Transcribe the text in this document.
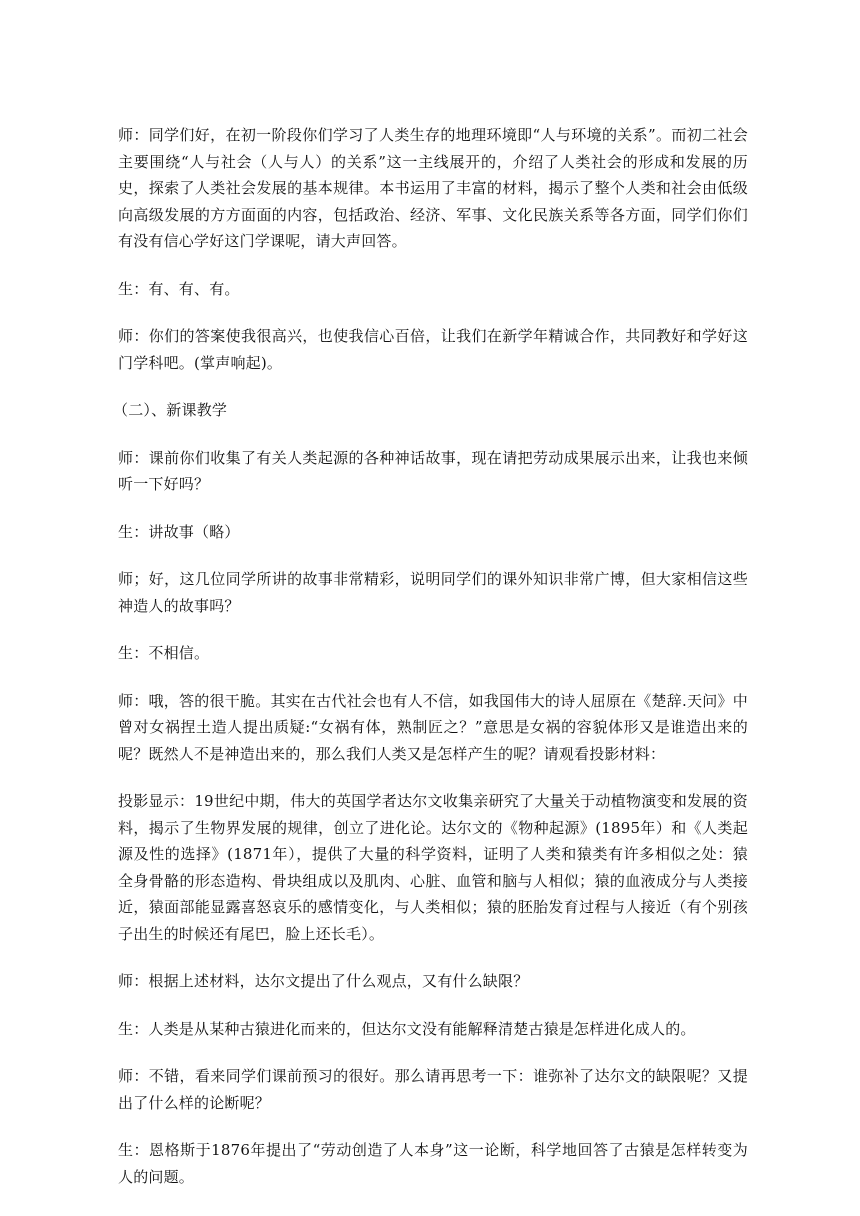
师：同学们好，在初一阶段你们学习了人类生存的地理环境即“人与环境的关系”。而初二社会主要围绕“人与社会（人与人）的关系”这一主线展开的，介绍了人类社会的形成和发展的历史，探索了人类社会发展的基本规律。本书运用了丰富的材料，揭示了整个人类和社会由低级向高级发展的方方面面的内容，包括政治、经济、军事、文化民族关系等各方面，同学们你们有没有信心学好这门学课呢，请大声回答。

生：有、有、有。

师：你们的答案使我很高兴，也使我信心百倍，让我们在新学年精诚合作，共同教好和学好这门学科吧。(掌声响起)。

（二）、新课教学

师：课前你们收集了有关人类起源的各种神话故事，现在请把劳动成果展示出来，让我也来倾听一下好吗？

生：讲故事（略）

师；好，这几位同学所讲的故事非常精彩，说明同学们的课外知识非常广博，但大家相信这些神造人的故事吗？

生：不相信。

师：哦，答的很干脆。其实在古代社会也有人不信，如我国伟大的诗人屈原在《楚辞.天问》中曾对女祸捏土造人提出质疑:“女祸有体，熟制匠之？”意思是女祸的容貌体形又是谁造出来的呢？既然人不是神造出来的，那么我们人类又是怎样产生的呢？请观看投影材料：

投影显示：19世纪中期，伟大的英国学者达尔文收集亲研究了大量关于动植物演变和发展的资料，揭示了生物界发展的规律，创立了进化论。达尔文的《物种起源》(1895年）和《人类起源及性的选择》(1871年），提供了大量的科学资料，证明了人类和猿类有许多相似之处：猿全身骨骼的形态造构、骨块组成以及肌肉、心脏、血管和脑与人相似；猿的血液成分与人类接近，猿面部能显露喜怒哀乐的感情变化，与人类相似；猿的胚胎发育过程与人接近（有个别孩子出生的时候还有尾巴，脸上还长毛）。

师：根据上述材料，达尔文提出了什么观点，又有什么缺限？

生：人类是从某种古猿进化而来的，但达尔文没有能解释清楚古猿是怎样进化成人的。

师：不错，看来同学们课前预习的很好。那么请再思考一下：谁弥补了达尔文的缺限呢？又提出了什么样的论断呢？

生：恩格斯于1876年提出了“劳动创造了人本身”这一论断，科学地回答了古猿是怎样转变为人的问题。
